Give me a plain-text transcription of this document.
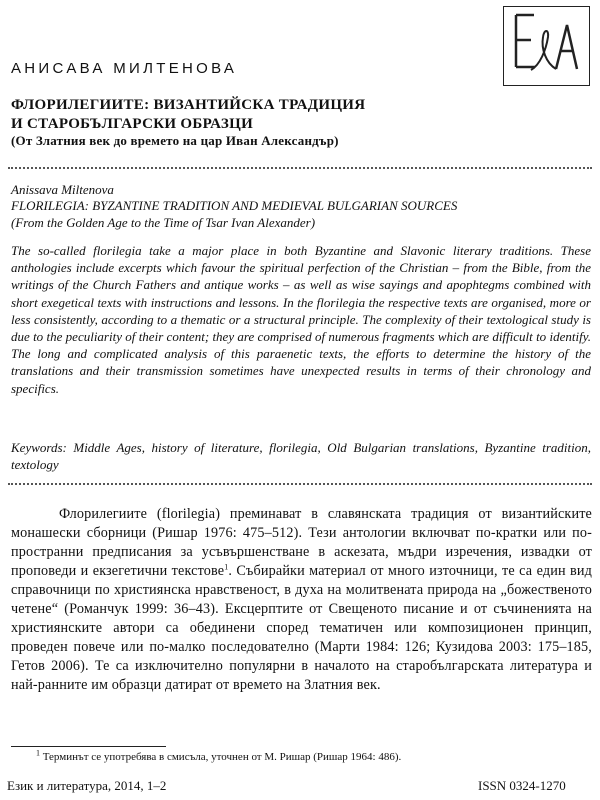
ЕА
АНИСАВА МИЛТЕНОВА
ФЛОРИЛЕГИИТЕ: ВИЗАНТИЙСКА ТРАДИЦИЯ
И СТАРОБЪЛГАРСКИ ОБРАЗЦИ
(От Златния век до времето на цар Иван Александър)
Anissava Miltenova
FLORILEGIA: BYZANTINE TRADITION AND MEDIEVAL BULGARIAN SOURCES
(From the Golden Age to the Time of Tsar Ivan Alexander)
The so-called florilegia take a major place in both Byzantine and Slavonic literary traditions. These anthologies include excerpts which favour the spiritual perfection of the Christian – from the Bible, from the writings of the Church Fathers and antique works – as well as wise sayings and apophtegms combined with short exegetical texts with instructions and lessons. In the florilegia the respective texts are organised, more or less consistently, according to a thematic or a structural principle. The complexity of their textological study is due to the peculiarity of their content; they are comprised of numerous fragments which are difficult to identify. The long and complicated analysis of this paraenetic texts, the efforts to determine the history of the translations and their transmission sometimes have unexpected results in terms of their chronology and specifics.
Keywords: Middle Ages, history of literature, florilegia, Old Bulgarian translations, Byzantine tradition, textology
Флорилегиите (florilegia) преминават в славянската традиция от византийските монашески сборници (Ришар 1976: 475–512). Тези антологии включват по-кратки или по-пространни предписания за усъвършенстване в аскезата, мъдри изречения, извадки от проповеди и екзегетични текстове$^1$. Събирайки материал от много източници, те са един вид справочници по християнска нравственост, в духа на молитвената природа на „божественото четене“ (Романчук 1999: 36–43). Ексцерптите от Свещеното писание и от съчиненията на християнските автори са обединени според тематичен или композиционен принцип, проведен повече или по-малко последователно (Марти 1984: 126; Кузидова 2003: 175–185, Гетов 2006). Те са изключително популярни в началото на старобългарската литература и най-ранните им образци датират от времето на Златния век.
$^1$ Терминът се употребява в смисъла, уточнен от М. Ришар (Ришар 1964: 486).
Език и литература, 2014, 1–2	ISSN 0324-1270
